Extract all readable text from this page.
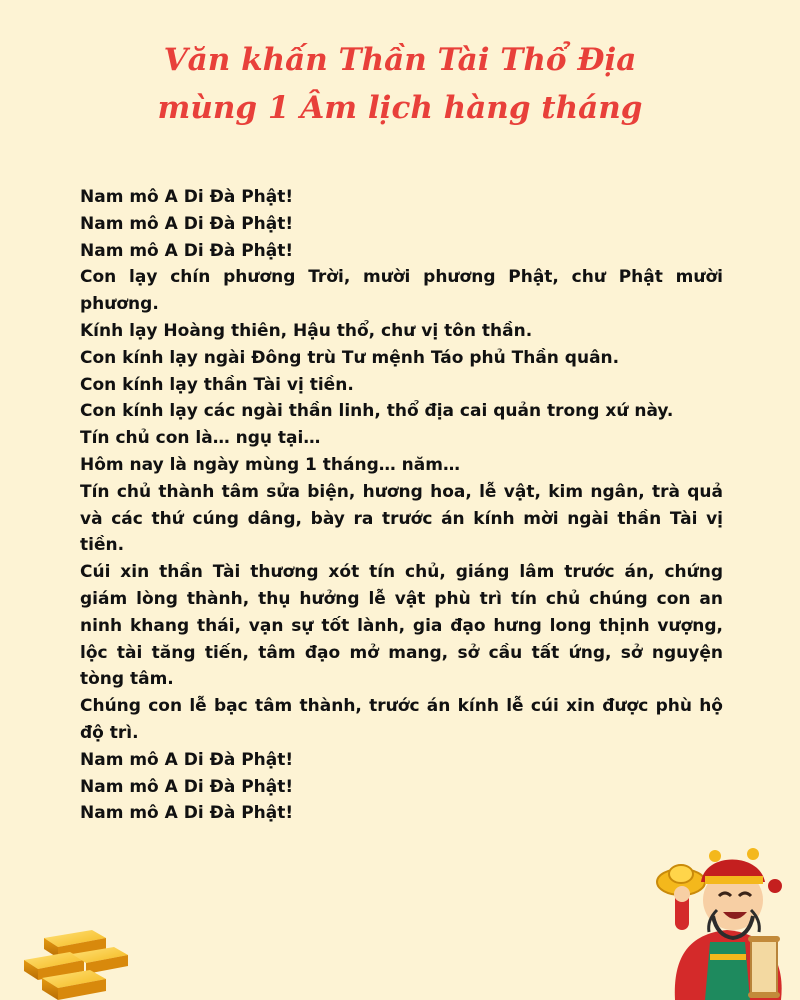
Văn khấn Thần Tài Thổ Địa
mùng 1 Âm lịch hàng tháng
Nam mô A Di Đà Phật!
Nam mô A Di Đà Phật!
Nam mô A Di Đà Phật!
Con lạy chín phương Trời, mười phương Phật, chư Phật mười phương.
Kính lạy Hoàng thiên, Hậu thổ, chư vị tôn thần.
Con kính lạy ngài Đông trù Tư mệnh Táo phủ Thần quân.
Con kính lạy thần Tài vị tiền.
Con kính lạy các ngài thần linh, thổ địa cai quản trong xứ này.
Tín chủ con là… ngụ tại…
Hôm nay là ngày mùng 1 tháng… năm…
Tín chủ thành tâm sửa biện, hương hoa, lễ vật, kim ngân, trà quả và các thứ cúng dâng, bày ra trước án kính mời ngài thần Tài vị tiền.
Cúi xin thần Tài thương xót tín chủ, giáng lâm trước án, chứng giám lòng thành, thụ hưởng lễ vật phù trì tín chủ chúng con an ninh khang thái, vạn sự tốt lành, gia đạo hưng long thịnh vượng, lộc tài tăng tiến, tâm đạo mở mang, sở cầu tất ứng, sở nguyện tòng tâm.
Chúng con lễ bạc tâm thành, trước án kính lễ cúi xin được phù hộ độ trì.
Nam mô A Di Đà Phật!
Nam mô A Di Đà Phật!
Nam mô A Di Đà Phật!
